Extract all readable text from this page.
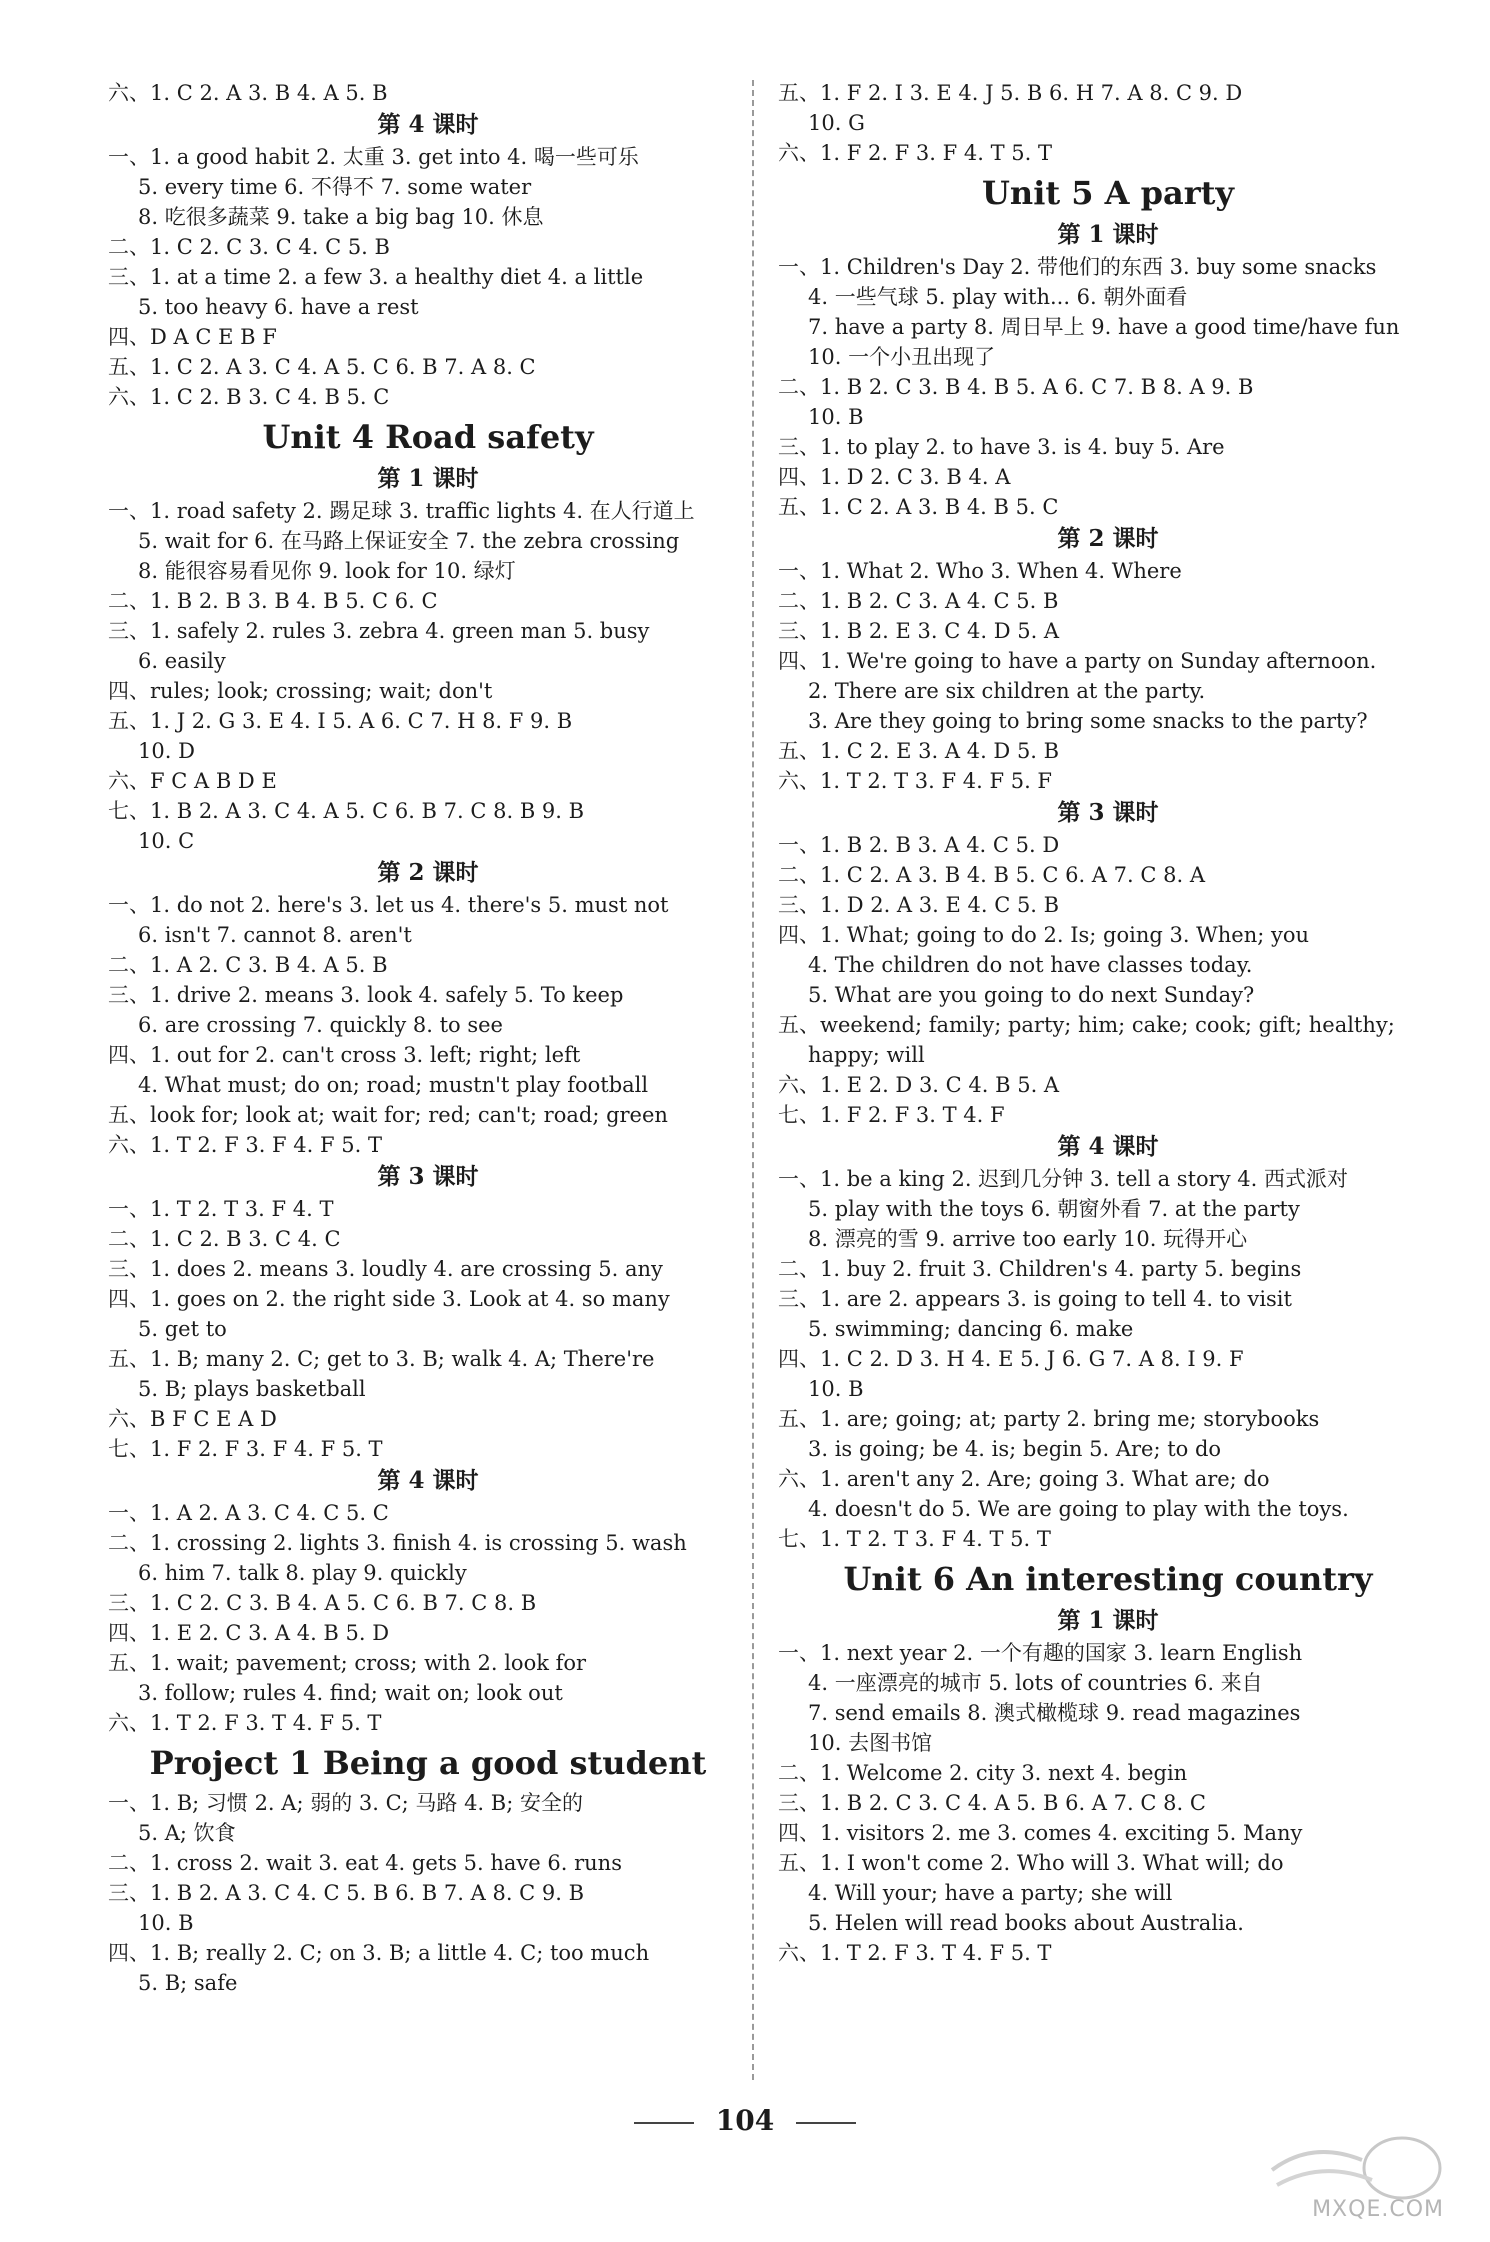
六、1. C 2. A 3. B 4. A 5. B
第 4 课时
一、1. a good habit 2. 太重 3. get into 4. 喝一些可乐
5. every time 6. 不得不 7. some water
8. 吃很多蔬菜 9. take a big bag 10. 休息
二、1. C 2. C 3. C 4. C 5. B
三、1. at a time 2. a few 3. a healthy diet 4. a little
5. too heavy 6. have a rest
四、D A C E B F
五、1. C 2. A 3. C 4. A 5. C 6. B 7. A 8. C
六、1. C 2. B 3. C 4. B 5. C
Unit 4 Road safety
第 1 课时
一、1. road safety 2. 踢足球 3. traffic lights 4. 在人行道上
5. wait for 6. 在马路上保证安全 7. the zebra crossing
8. 能很容易看见你 9. look for 10. 绿灯
二、1. B 2. B 3. B 4. B 5. C 6. C
三、1. safely 2. rules 3. zebra 4. green man 5. busy
6. easily
四、rules; look; crossing; wait; don't
五、1. J 2. G 3. E 4. I 5. A 6. C 7. H 8. F 9. B
10. D
六、F C A B D E
七、1. B 2. A 3. C 4. A 5. C 6. B 7. C 8. B 9. B
10. C
第 2 课时
一、1. do not 2. here's 3. let us 4. there's 5. must not
6. isn't 7. cannot 8. aren't
二、1. A 2. C 3. B 4. A 5. B
三、1. drive 2. means 3. look 4. safely 5. To keep
6. are crossing 7. quickly 8. to see
四、1. out for 2. can't cross 3. left; right; left
4. What must; do on; road; mustn't play football
五、look for; look at; wait for; red; can't; road; green
六、1. T 2. F 3. F 4. F 5. T
第 3 课时
一、1. T 2. T 3. F 4. T
二、1. C 2. B 3. C 4. C
三、1. does 2. means 3. loudly 4. are crossing 5. any
四、1. goes on 2. the right side 3. Look at 4. so many
5. get to
五、1. B; many 2. C; get to 3. B; walk 4. A; There're
5. B; plays basketball
六、B F C E A D
七、1. F 2. F 3. F 4. F 5. T
第 4 课时
一、1. A 2. A 3. C 4. C 5. C
二、1. crossing 2. lights 3. finish 4. is crossing 5. wash
6. him 7. talk 8. play 9. quickly
三、1. C 2. C 3. B 4. A 5. C 6. B 7. C 8. B
四、1. E 2. C 3. A 4. B 5. D
五、1. wait; pavement; cross; with 2. look for
3. follow; rules 4. find; wait on; look out
六、1. T 2. F 3. T 4. F 5. T
Project 1 Being a good student
一、1. B; 习惯 2. A; 弱的 3. C; 马路 4. B; 安全的
5. A; 饮食
二、1. cross 2. wait 3. eat 4. gets 5. have 6. runs
三、1. B 2. A 3. C 4. C 5. B 6. B 7. A 8. C 9. B
10. B
四、1. B; really 2. C; on 3. B; a little 4. C; too much
5. B; safe
五、1. F 2. I 3. E 4. J 5. B 6. H 7. A 8. C 9. D
10. G
六、1. F 2. F 3. F 4. T 5. T
Unit 5 A party
第 1 课时
一、1. Children's Day 2. 带他们的东西 3. buy some snacks
4. 一些气球 5. play with... 6. 朝外面看
7. have a party 8. 周日早上 9. have a good time/have fun
10. 一个小丑出现了
二、1. B 2. C 3. B 4. B 5. A 6. C 7. B 8. A 9. B
10. B
三、1. to play 2. to have 3. is 4. buy 5. Are
四、1. D 2. C 3. B 4. A
五、1. C 2. A 3. B 4. B 5. C
第 2 课时
一、1. What 2. Who 3. When 4. Where
二、1. B 2. C 3. A 4. C 5. B
三、1. B 2. E 3. C 4. D 5. A
四、1. We're going to have a party on Sunday afternoon.
2. There are six children at the party.
3. Are they going to bring some snacks to the party?
五、1. C 2. E 3. A 4. D 5. B
六、1. T 2. T 3. F 4. F 5. F
第 3 课时
一、1. B 2. B 3. A 4. C 5. D
二、1. C 2. A 3. B 4. B 5. C 6. A 7. C 8. A
三、1. D 2. A 3. E 4. C 5. B
四、1. What; going to do 2. Is; going 3. When; you
4. The children do not have classes today.
5. What are you going to do next Sunday?
五、weekend; family; party; him; cake; cook; gift; healthy;
happy; will
六、1. E 2. D 3. C 4. B 5. A
七、1. F 2. F 3. T 4. F
第 4 课时
一、1. be a king 2. 迟到几分钟 3. tell a story 4. 西式派对
5. play with the toys 6. 朝窗外看 7. at the party
8. 漂亮的雪 9. arrive too early 10. 玩得开心
二、1. buy 2. fruit 3. Children's 4. party 5. begins
三、1. are 2. appears 3. is going to tell 4. to visit
5. swimming; dancing 6. make
四、1. C 2. D 3. H 4. E 5. J 6. G 7. A 8. I 9. F
10. B
五、1. are; going; at; party 2. bring me; storybooks
3. is going; be 4. is; begin 5. Are; to do
六、1. aren't any 2. Are; going 3. What are; do
4. doesn't do 5. We are going to play with the toys.
七、1. T 2. T 3. F 4. T 5. T
Unit 6 An interesting country
第 1 课时
一、1. next year 2. 一个有趣的国家 3. learn English
4. 一座漂亮的城市 5. lots of countries 6. 来自
7. send emails 8. 澳式橄榄球 9. read magazines
10. 去图书馆
二、1. Welcome 2. city 3. next 4. begin
三、1. B 2. C 3. C 4. A 5. B 6. A 7. C 8. C
四、1. visitors 2. me 3. comes 4. exciting 5. Many
五、1. I won't come 2. Who will 3. What will; do
4. Will your; have a party; she will
5. Helen will read books about Australia.
六、1. T 2. F 3. T 4. F 5. T
104
MXQE.COM
